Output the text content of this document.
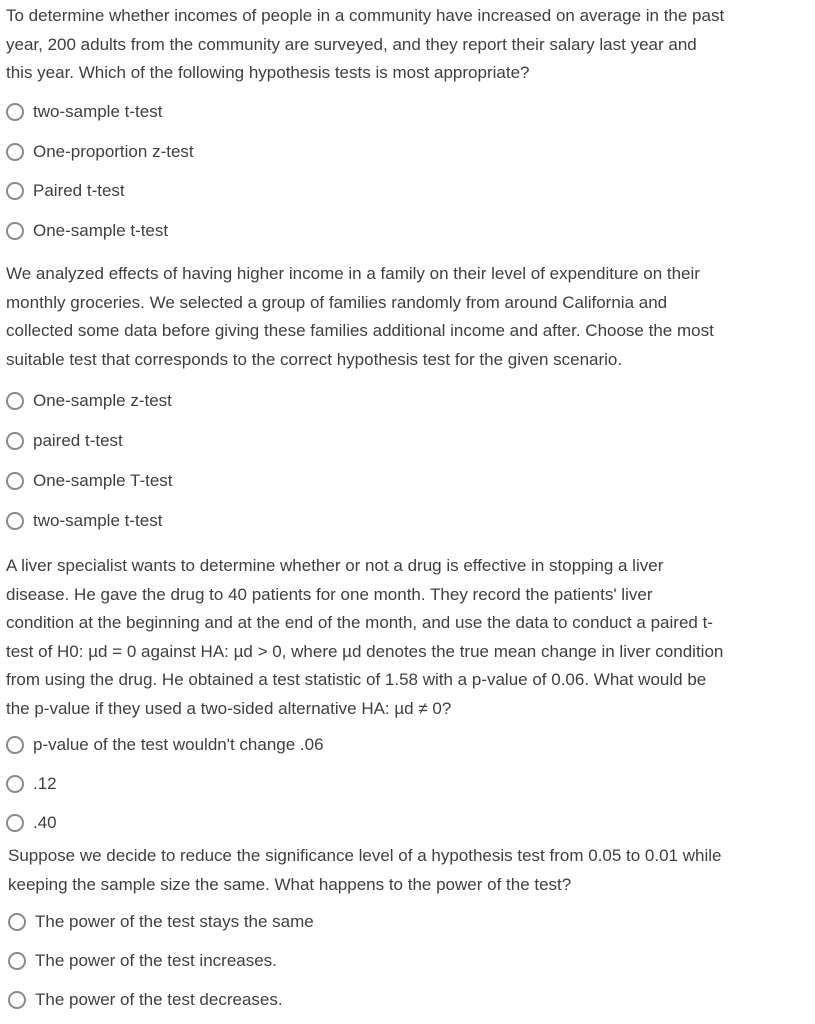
To determine whether incomes of people in a community have increased on average in the past
year, 200 adults from the community are surveyed, and they report their salary last year and
this year. Which of the following hypothesis tests is most appropriate?

two-sample t-test
One-proportion z-test
Paired t-test
One-sample t-test

We analyzed effects of having higher income in a family on their level of expenditure on their
monthly groceries. We selected a group of families randomly from around California and
collected some data before giving these families additional income and after. Choose the most
suitable test that corresponds to the correct hypothesis test for the given scenario.

One-sample z-test
paired t-test
One-sample T-test
two-sample t-test

A liver specialist wants to determine whether or not a drug is effective in stopping a liver
disease. He gave the drug to 40 patients for one month. They record the patients' liver
condition at the beginning and at the end of the month, and use the data to conduct a paired t-
test of H0: µd = 0 against HA: µd > 0, where µd denotes the true mean change in liver condition
from using the drug. He obtained a test statistic of 1.58 with a p-value of 0.06. What would be
the p-value if they used a two-sided alternative HA: µd ≠ 0?

p-value of the test wouldn't change .06
.12
.40

Suppose we decide to reduce the significance level of a hypothesis test from 0.05 to 0.01 while
keeping the sample size the same. What happens to the power of the test?

The power of the test stays the same
The power of the test increases.
The power of the test decreases.
